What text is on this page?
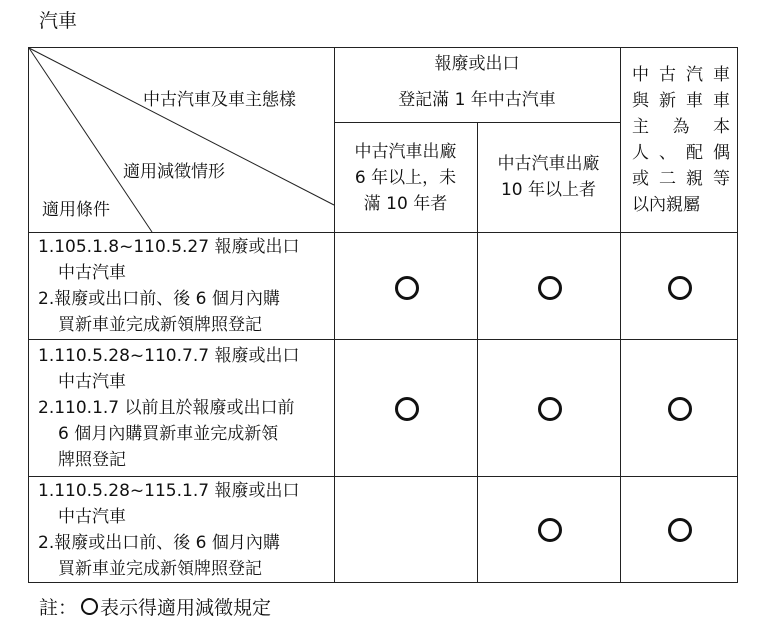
汽車
中古汽車及車主態樣
適用減徵情形
適用條件
報廢或出口
登記滿 1 年中古汽車
中古汽車出廠
6 年以上，未
滿 10 年者
中古汽車出廠
10 年以上者
中 古 汽 車
與 新 車 車
主 為 本
人 、 配 偶
或 二 親 等
以內親屬
1.105.1.8~110.5.27 報廢或出口
中古汽車
2.報廢或出口前、後 6 個月內購
買新車並完成新領牌照登記
1.110.5.28~110.7.7 報廢或出口
中古汽車
2.110.1.7 以前且於報廢或出口前
6 個月內購買新車並完成新領
牌照登記
1.110.5.28~115.1.7 報廢或出口
中古汽車
2.報廢或出口前、後 6 個月內購
買新車並完成新領牌照登記
註： ○ 表示得適用減徵規定
